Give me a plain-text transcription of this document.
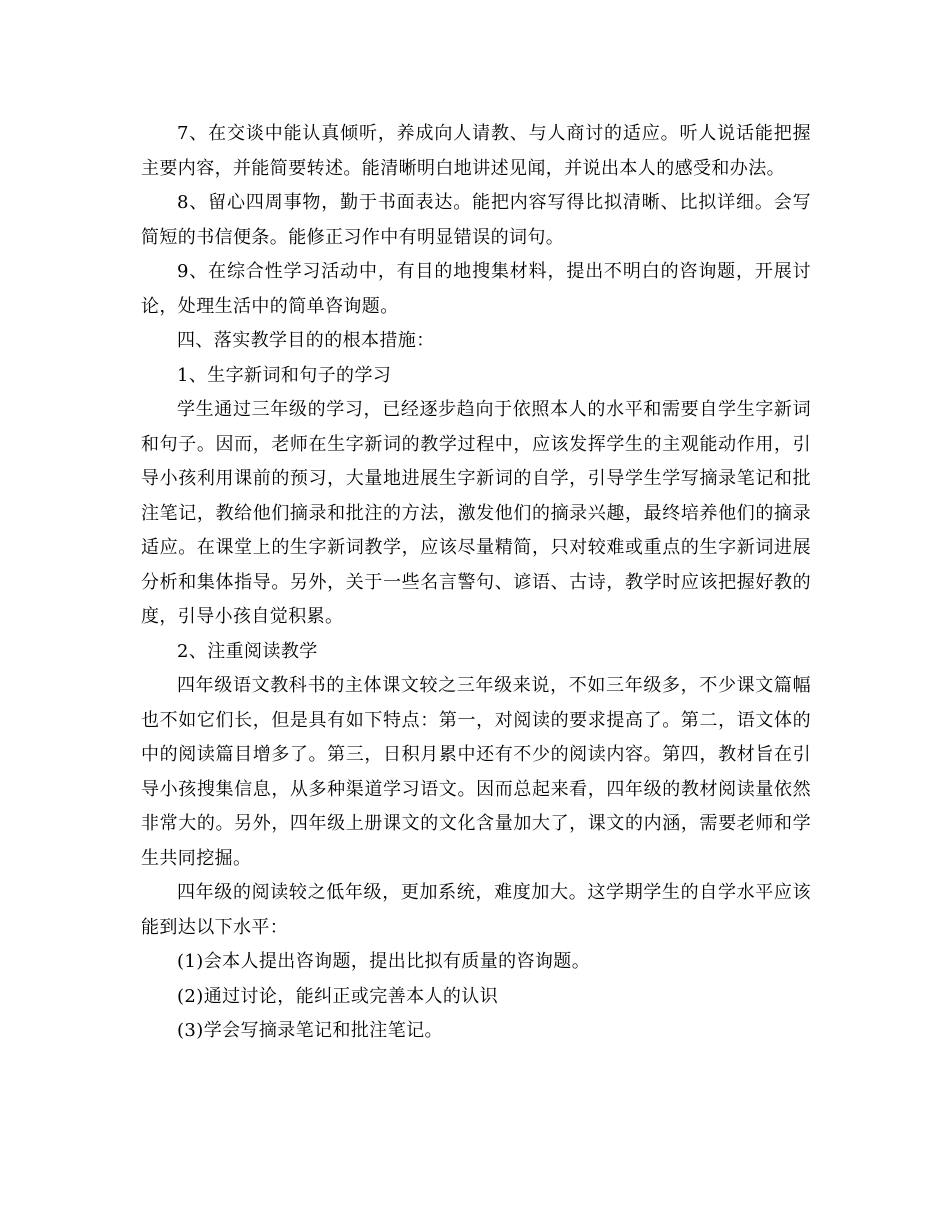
7、在交谈中能认真倾听，养成向人请教、与人商讨的适应。听人说话能把握主要内容，并能简要转述。能清晰明白地讲述见闻，并说出本人的感受和办法。

8、留心四周事物，勤于书面表达。能把内容写得比拟清晰、比拟详细。会写简短的书信便条。能修正习作中有明显错误的词句。

9、在综合性学习活动中，有目的地搜集材料，提出不明白的咨询题，开展讨论，处理生活中的简单咨询题。

四、落实教学目的的根本措施：

1、生字新词和句子的学习

学生通过三年级的学习，已经逐步趋向于依照本人的水平和需要自学生字新词和句子。因而，老师在生字新词的教学过程中，应该发挥学生的主观能动作用，引导小孩利用课前的预习，大量地进展生字新词的自学，引导学生学写摘录笔记和批注笔记，教给他们摘录和批注的方法，激发他们的摘录兴趣，最终培养他们的摘录适应。在课堂上的生字新词教学，应该尽量精简，只对较难或重点的生字新词进展分析和集体指导。另外，关于一些名言警句、谚语、古诗，教学时应该把握好教的度，引导小孩自觉积累。

2、注重阅读教学

四年级语文教科书的主体课文较之三年级来说，不如三年级多，不少课文篇幅也不如它们长，但是具有如下特点：第一，对阅读的要求提高了。第二，语文体的中的阅读篇目增多了。第三，日积月累中还有不少的阅读内容。第四，教材旨在引导小孩搜集信息，从多种渠道学习语文。因而总起来看，四年级的教材阅读量依然非常大的。另外，四年级上册课文的文化含量加大了，课文的内涵，需要老师和学生共同挖掘。

四年级的阅读较之低年级，更加系统，难度加大。这学期学生的自学水平应该能到达以下水平：

(1)会本人提出咨询题，提出比拟有质量的咨询题。

(2)通过讨论，能纠正或完善本人的认识

(3)学会写摘录笔记和批注笔记。
